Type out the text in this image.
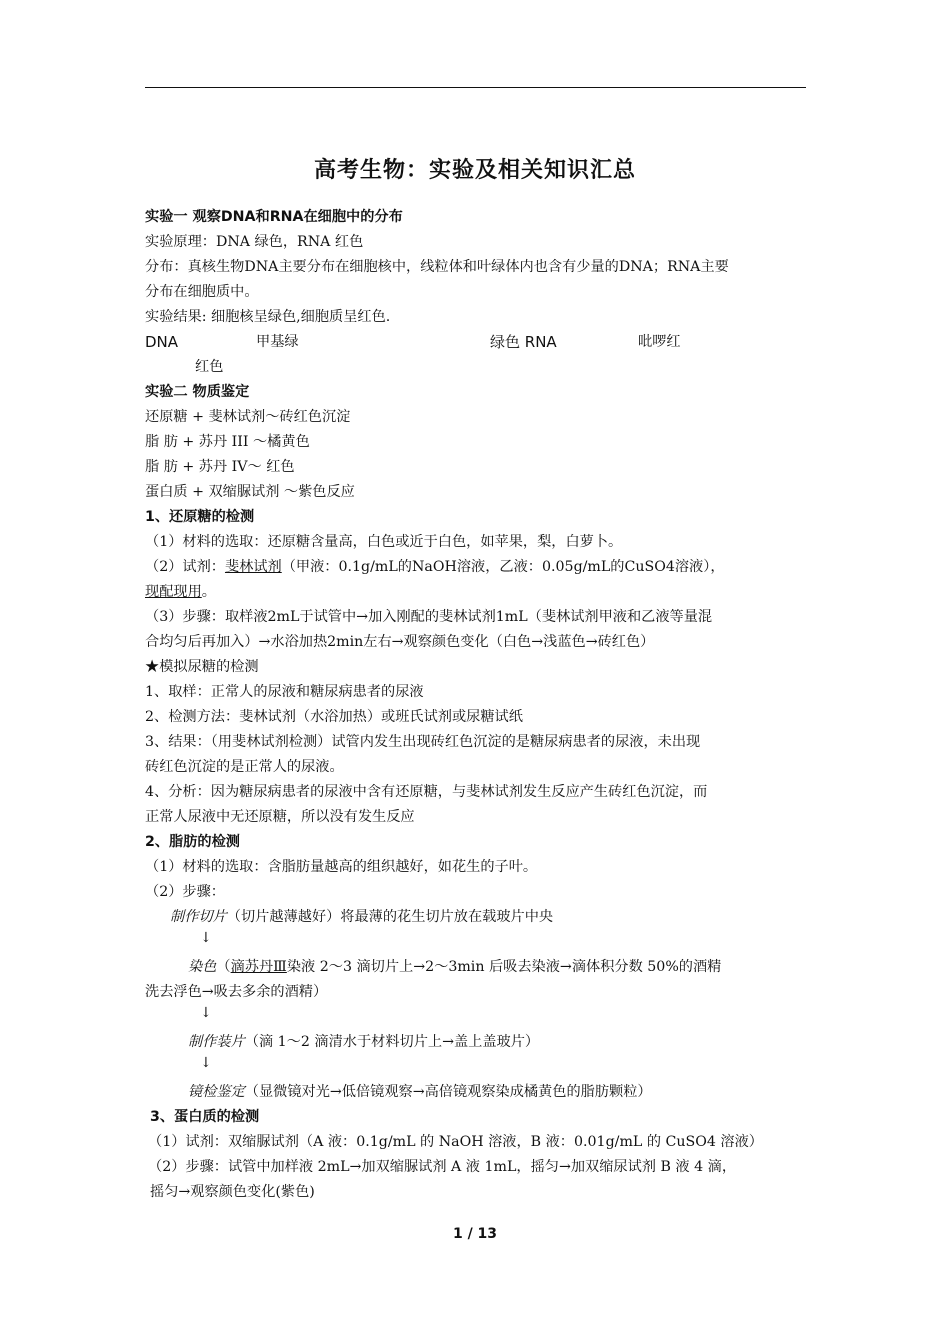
高考生物：实验及相关知识汇总
实验一 观察DNA和RNA在细胞中的分布
实验原理：DNA 绿色，RNA 红色
分布：真核生物DNA主要分布在细胞核中，线粒体和叶绿体内也含有少量的DNA；RNA主要
分布在细胞质中。
实验结果: 细胞核呈绿色,细胞质呈红色.
DNA	甲基绿	绿色 RNA	吡啰红
红色
实验二 物质鉴定
还原糖 + 斐林试剂～砖红色沉淀
脂 肪 + 苏丹 III ～橘黄色
脂 肪 + 苏丹 IV～ 红色
蛋白质 + 双缩脲试剂 ～紫色反应
1、还原糖的检测
（1）材料的选取：还原糖含量高，白色或近于白色，如苹果，梨，白萝卜。
（2）试剂：斐林试剂（甲液：0.1g/mL的NaOH溶液，乙液：0.05g/mL的CuSO4溶液），
现配现用。
（3）步骤：取样液2mL于试管中→加入刚配的斐林试剂1mL（斐林试剂甲液和乙液等量混
合均匀后再加入）→水浴加热2min左右→观察颜色变化（白色→浅蓝色→砖红色）
★模拟尿糖的检测
1、取样：正常人的尿液和糖尿病患者的尿液
2、检测方法：斐林试剂（水浴加热）或班氏试剂或尿糖试纸
3、结果：（用斐林试剂检测）试管内发生出现砖红色沉淀的是糖尿病患者的尿液，未出现
砖红色沉淀的是正常人的尿液。
4、分析：因为糖尿病患者的尿液中含有还原糖，与斐林试剂发生反应产生砖红色沉淀，而
正常人尿液中无还原糖，所以没有发生反应
2、脂肪的检测
（1）材料的选取：含脂肪量越高的组织越好，如花生的子叶。
（2）步骤：
制作切片（切片越薄越好）将最薄的花生切片放在载玻片中央
↓
染色（滴苏丹Ⅲ染液 2～3 滴切片上→2～3min 后吸去染液→滴体积分数 50%的酒精
洗去浮色→吸去多余的酒精）
↓
制作装片（滴 1～2 滴清水于材料切片上→盖上盖玻片）
↓
镜检鉴定（显微镜对光→低倍镜观察→高倍镜观察染成橘黄色的脂肪颗粒）
3、蛋白质的检测
（1）试剂：双缩脲试剂（A 液：0.1g/mL 的 NaOH 溶液，B 液：0.01g/mL 的 CuSO4 溶液）
（2）步骤：试管中加样液 2mL→加双缩脲试剂 A 液 1mL，摇匀→加双缩尿试剂 B 液 4 滴，
摇匀→观察颜色变化(紫色)
1 / 13
